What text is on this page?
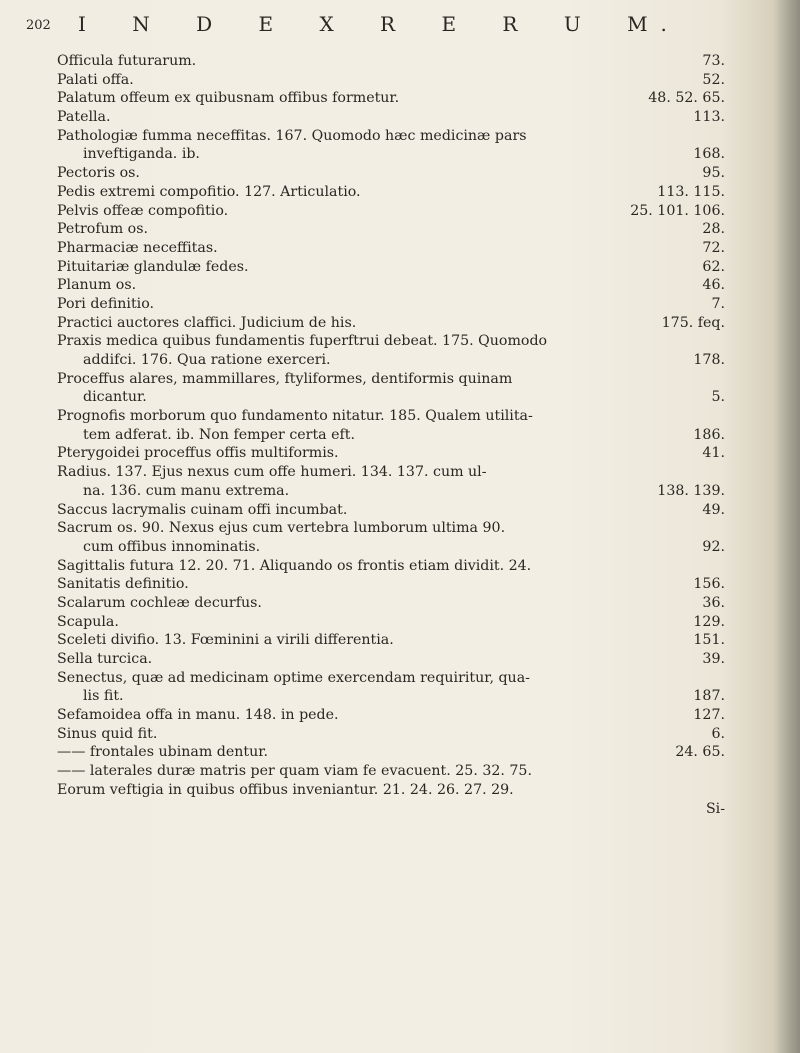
202 I N D E X R E R U M.
Officula futurarum.	73.
Palati offa.	52.
Palatum offeum ex quibusnam offibus formetur.	48. 52. 65.
Patella.	113.
Pathologiæ fumma neceffitas. 167. Quomodo hæc medicinæ pars
inveftiganda. ib.	168.
Pectoris os.	95.
Pedis extremi compofitio. 127. Articulatio.	113. 115.
Pelvis offeæ compofitio.	25. 101. 106.
Petrofum os.	28.
Pharmaciæ neceffitas.	72.
Pituitariæ glandulæ fedes.	62.
Planum os.	46.
Pori definitio.	7.
Practici auctores claffici. Judicium de his.	175. feq.
Praxis medica quibus fundamentis fuperftrui debeat. 175. Quomodo
addifci. 176. Qua ratione exerceri.	178.
Proceffus alares, mammillares, ftyliformes, dentiformis quinam
dicantur.	5.
Prognofis morborum quo fundamento nitatur. 185. Qualem utilita-
tem adferat. ib. Non femper certa eft.	186.
Pterygoidei proceffus offis multiformis.	41.
Radius. 137. Ejus nexus cum offe humeri. 134. 137. cum ul-
na. 136. cum manu extrema.	138. 139.
Saccus lacrymalis cuinam offi incumbat.	49.
Sacrum os. 90. Nexus ejus cum vertebra lumborum ultima 90.
cum offibus innominatis.	92.
Sagittalis futura 12. 20. 71. Aliquando os frontis etiam dividit. 24.
Sanitatis definitio.	156.
Scalarum cochleæ decurfus.	36.
Scapula.	129.
Sceleti divifio. 13. Fœminini a virili differentia.	151.
Sella turcica.	39.
Senectus, quæ ad medicinam optime exercendam requiritur, qua-
lis fit.	187.
Sefamoidea offa in manu. 148. in pede.	127.
Sinus quid fit.	6.
—— frontales ubinam dentur.	24. 65.
—— laterales duræ matris per quam viam fe evacuent. 25. 32. 75.
Eorum veftigia in quibus offibus inveniantur. 21. 24. 26. 27. 29.
Si-
